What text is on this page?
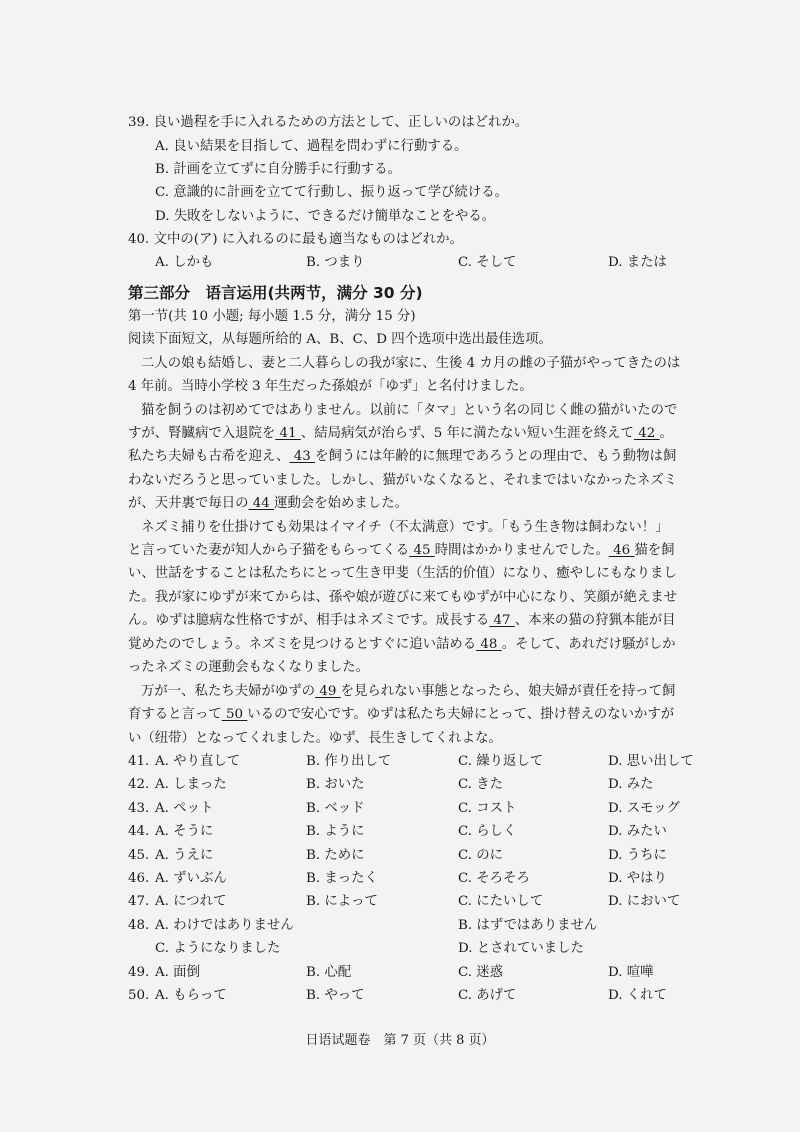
39. 良い過程を手に入れるための方法として、正しいのはどれか。
A. 良い結果を目指して、過程を問わずに行動する。
B. 計画を立てずに自分勝手に行動する。
C. 意識的に計画を立てて行動し、振り返って学び続ける。
D. 失敗をしないように、できるだけ簡単なことをやる。
40. 文中の(ア) に入れるのに最も適当なものはどれか。
A. しかも	B. つまり	C. そして	D. または
第三部分　语言运用(共两节，满分 30 分)
第一节(共 10 小题; 每小题 1.5 分，满分 15 分)
阅读下面短文，从每题所给的 A、B、C、D 四个选项中选出最佳选项。
二人の娘も結婚し、妻と二人暮らしの我が家に、生後 4 カ月の雌の子猫がやってきたのは
4 年前。当時小学校 3 年生だった孫娘が「ゆず」と名付けました。
猫を飼うのは初めてではありません。以前に「タマ」という名の同じく雌の猫がいたので
すが、腎臓病で入退院を 41 、結局病気が治らず、5 年に満たない短い生涯を終えて 42 。
私たち夫婦も古希を迎え、 43 を飼うには年齢的に無理であろうとの理由で、もう動物は飼
わないだろうと思っていました。しかし、猫がいなくなると、それまではいなかったネズミ
が、天井裏で毎日の 44 運動会を始めました。
ネズミ捕りを仕掛けても効果はイマイチ（不太满意）です。「もう生き物は飼わない！」
と言っていた妻が知人から子猫をもらってくる 45 時間はかかりませんでした。 46 猫を飼
い、世話をすることは私たちにとって生き甲斐（生活的价值）になり、癒やしにもなりまし
た。我が家にゆずが来てからは、孫や娘が遊びに来てもゆずが中心になり、笑顔が絶えませ
ん。ゆずは臆病な性格ですが、相手はネズミです。成長する 47 、本来の猫の狩猟本能が目
覚めたのでしょう。ネズミを見つけるとすぐに追い詰める 48 。そして、あれだけ騒がしか
ったネズミの運動会もなくなりました。
万が一、私たち夫婦がゆずの 49 を見られない事態となったら、娘夫婦が責任を持って飼
育すると言って 50 いるので安心です。ゆずは私たち夫婦にとって、掛け替えのないかすが
い（纽带）となってくれました。ゆず、長生きしてくれよな。
41. A. やり直して	B. 作り出して	C. 繰り返して	D. 思い出して
42. A. しまった	B. おいた	C. きた	D. みた
43. A. ペット	B. ベッド	C. コスト	D. スモッグ
44. A. そうに	B. ように	C. らしく	D. みたい
45. A. うえに	B. ために	C. のに	D. うちに
46. A. ずいぶん	B. まったく	C. そろそろ	D. やはり
47. A. につれて	B. によって	C. にたいして	D. において
48. A. わけではありません	B. はずではありません
C. ようになりました	D. とされていました
49. A. 面倒	B. 心配	C. 迷惑	D. 喧嘩
50. A. もらって	B. やって	C. あげて	D. くれて
日语试题卷　第 7 页（共 8 页）
